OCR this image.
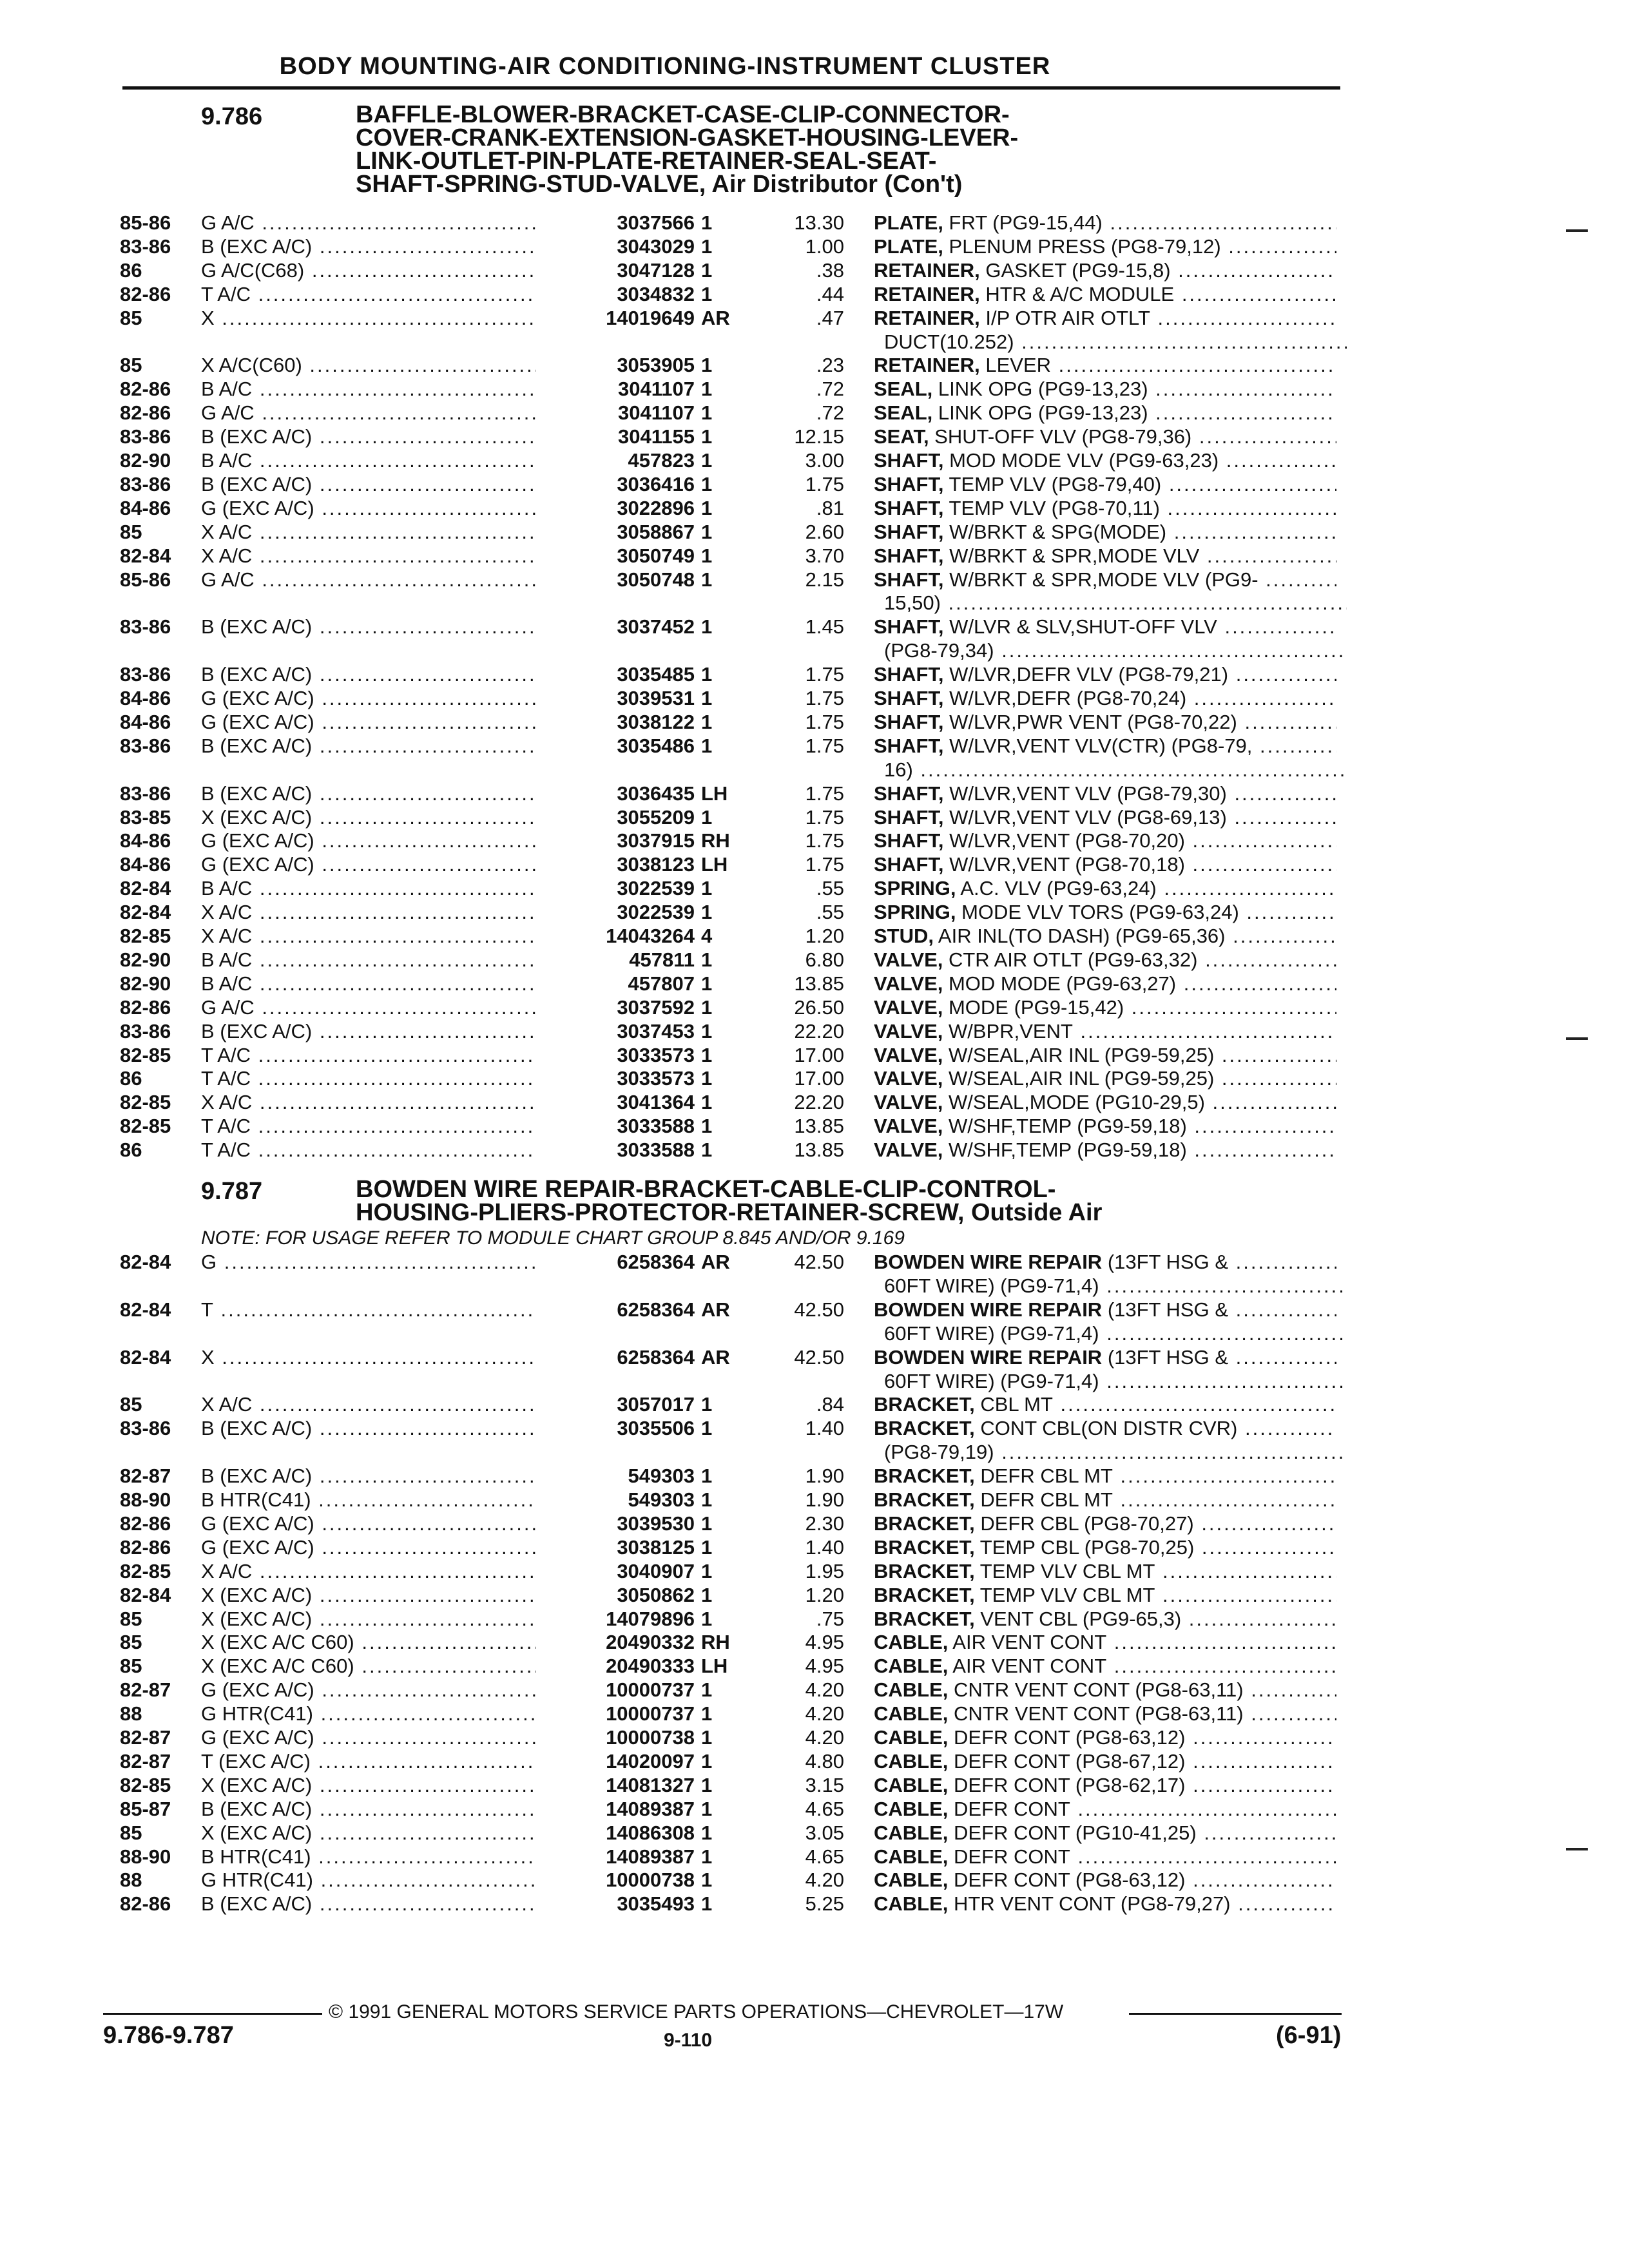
BODY MOUNTING-AIR CONDITIONING-INSTRUMENT CLUSTER
9.786	BAFFLE-BLOWER-BRACKET-CASE-CLIP-CONNECTOR-
COVER-CRANK-EXTENSION-GASKET-HOUSING-LEVER-
LINK-OUTLET-PIN-PLATE-RETAINER-SEAL-SEAT-
SHAFT-SPRING-STUD-VALVE, Air Distributor (Con't)
85-86 G A/C .....	3037566 1	13.30 PLATE, FRT (PG9-15,44) .....
83-86 B (EXC A/C) .....	3043029 1	1.00 PLATE, PLENUM PRESS (PG8-79,12) .....
86	G A/C(C68) .....	3047128 1	.38 RETAINER, GASKET (PG9-15,8) .....
82-86 T A/C .....	3034832 1	.44 RETAINER, HTR & A/C MODULE .....
85	X .....	14019649 AR	.47 RETAINER, I/P OTR AIR OTLT .....
DUCT(10.252) .....
85	X A/C(C60) .....	3053905 1	.23 RETAINER, LEVER .....
82-86 B A/C .....	3041107 1	.72 SEAL, LINK OPG (PG9-13,23) .....
82-86 G A/C .....	3041107 1	.72 SEAL, LINK OPG (PG9-13,23) .....
83-86 B (EXC A/C) .....	3041155 1	12.15 SEAT, SHUT-OFF VLV (PG8-79,36) .....
82-90 B A/C .....	457823 1	3.00 SHAFT, MOD MODE VLV (PG9-63,23) .....
83-86 B (EXC A/C) .....	3036416 1	1.75 SHAFT, TEMP VLV (PG8-79,40) .....
84-86 G (EXC A/C) .....	3022896 1	.81 SHAFT, TEMP VLV (PG8-70,11) .....
85	X A/C .....	3058867 1	2.60 SHAFT, W/BRKT & SPG(MODE) .....
82-84 X A/C .....	3050749 1	3.70 SHAFT, W/BRKT & SPR,MODE VLV .....
85-86 G A/C .....	3050748 1	2.15 SHAFT, W/BRKT & SPR,MODE VLV (PG9- .....
15,50) .....
83-86 B (EXC A/C) .....	3037452 1	1.45 SHAFT, W/LVR & SLV,SHUT-OFF VLV .....
(PG8-79,34) .....
83-86 B (EXC A/C) .....	3035485 1	1.75 SHAFT, W/LVR,DEFR VLV (PG8-79,21) .....
84-86 G (EXC A/C) .....	3039531 1	1.75 SHAFT, W/LVR,DEFR (PG8-70,24) .....
84-86 G (EXC A/C) .....	3038122 1	1.75 SHAFT, W/LVR,PWR VENT (PG8-70,22) .....
83-86 B (EXC A/C) .....	3035486 1	1.75 SHAFT, W/LVR,VENT VLV(CTR) (PG8-79, .....
16) .....
83-86 B (EXC A/C) .....	3036435 LH	1.75 SHAFT, W/LVR,VENT VLV (PG8-79,30) .....
83-85 X (EXC A/C) .....	3055209 1	1.75 SHAFT, W/LVR,VENT VLV (PG8-69,13) .....
84-86 G (EXC A/C) .....	3037915 RH	1.75 SHAFT, W/LVR,VENT (PG8-70,20) .....
84-86 G (EXC A/C) .....	3038123 LH	1.75 SHAFT, W/LVR,VENT (PG8-70,18) .....
82-84 B A/C .....	3022539 1	.55 SPRING, A.C. VLV (PG9-63,24) .....
82-84 X A/C .....	3022539 1	.55 SPRING, MODE VLV TORS (PG9-63,24) .....
82-85 X A/C .....	14043264 4	1.20 STUD, AIR INL(TO DASH) (PG9-65,36) .....
82-90 B A/C .....	457811 1	6.80 VALVE, CTR AIR OTLT (PG9-63,32) .....
82-90 B A/C .....	457807 1	13.85 VALVE, MOD MODE (PG9-63,27) .....
82-86 G A/C .....	3037592 1	26.50 VALVE, MODE (PG9-15,42) .....
83-86 B (EXC A/C) .....	3037453 1	22.20 VALVE, W/BPR,VENT .....
82-85 T A/C .....	3033573 1	17.00 VALVE, W/SEAL,AIR INL (PG9-59,25) .....
86	T A/C .....	3033573 1	17.00 VALVE, W/SEAL,AIR INL (PG9-59,25) .....
82-85 X A/C .....	3041364 1	22.20 VALVE, W/SEAL,MODE (PG10-29,5) .....
82-85 T A/C .....	3033588 1	13.85 VALVE, W/SHF,TEMP (PG9-59,18) .....
86	T A/C .....	3033588 1	13.85 VALVE, W/SHF,TEMP (PG9-59,18) .....
9.787	BOWDEN WIRE REPAIR-BRACKET-CABLE-CLIP-CONTROL-
HOUSING-PLIERS-PROTECTOR-RETAINER-SCREW, Outside Air
NOTE: FOR USAGE REFER TO MODULE CHART GROUP 8.845 AND/OR 9.169
82-84 G .....	6258364 AR	42.50 BOWDEN WIRE REPAIR (13FT HSG & .....
60FT WIRE) (PG9-71,4) .....
82-84 T .....	6258364 AR	42.50 BOWDEN WIRE REPAIR (13FT HSG & .....
60FT WIRE) (PG9-71,4) .....
82-84 X .....	6258364 AR	42.50 BOWDEN WIRE REPAIR (13FT HSG & .....
60FT WIRE) (PG9-71,4) .....
85	X A/C .....	3057017 1	.84 BRACKET, CBL MT .....
83-86 B (EXC A/C) .....	3035506 1	1.40 BRACKET, CONT CBL(ON DISTR CVR) .....
(PG8-79,19) .....
82-87 B (EXC A/C) .....	549303 1	1.90 BRACKET, DEFR CBL MT .....
88-90 B HTR(C41) .....	549303 1	1.90 BRACKET, DEFR CBL MT .....
82-86 G (EXC A/C) .....	3039530 1	2.30 BRACKET, DEFR CBL (PG8-70,27) .....
82-86 G (EXC A/C) .....	3038125 1	1.40 BRACKET, TEMP CBL (PG8-70,25) .....
82-85 X A/C .....	3040907 1	1.95 BRACKET, TEMP VLV CBL MT .....
82-84 X (EXC A/C) .....	3050862 1	1.20 BRACKET, TEMP VLV CBL MT .....
85	X (EXC A/C) .....	14079896 1	.75 BRACKET, VENT CBL (PG9-65,3) .....
85	X (EXC A/C C60) .....	20490332 RH	4.95 CABLE, AIR VENT CONT .....
85	X (EXC A/C C60) .....	20490333 LH	4.95 CABLE, AIR VENT CONT .....
82-87 G (EXC A/C) .....	10000737 1	4.20 CABLE, CNTR VENT CONT (PG8-63,11) .....
88	G HTR(C41) .....	10000737 1	4.20 CABLE, CNTR VENT CONT (PG8-63,11) .....
82-87 G (EXC A/C) .....	10000738 1	4.20 CABLE, DEFR CONT (PG8-63,12) .....
82-87 T (EXC A/C) .....	14020097 1	4.80 CABLE, DEFR CONT (PG8-67,12) .....
82-85 X (EXC A/C) .....	14081327 1	3.15 CABLE, DEFR CONT (PG8-62,17) .....
85-87 B (EXC A/C) .....	14089387 1	4.65 CABLE, DEFR CONT .....
85	X (EXC A/C) .....	14086308 1	3.05 CABLE, DEFR CONT (PG10-41,25) .....
88-90 B HTR(C41) .....	14089387 1	4.65 CABLE, DEFR CONT .....
88	G HTR(C41) .....	10000738 1	4.20 CABLE, DEFR CONT (PG8-63,12) .....
82-86 B (EXC A/C) .....	3035493 1	5.25 CABLE, HTR VENT CONT (PG8-79,27) .....
© 1991 GENERAL MOTORS SERVICE PARTS OPERATIONS—CHEVROLET—17W
9.786-9.787	9-110	(6-91)
